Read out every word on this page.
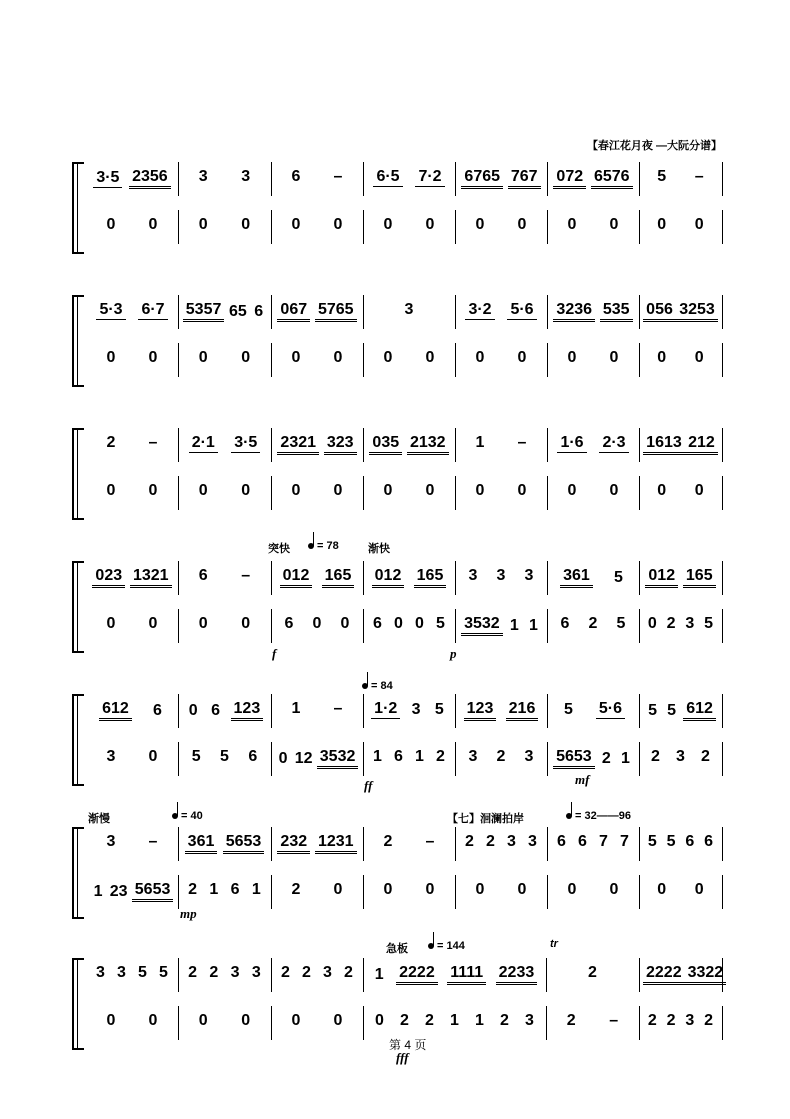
【春江花月夜 —大阮分谱】
突快	= 78	渐快
= 84
渐慢	= 40	【七】洄澜拍岸	= 32——96
急板	= 144	tr
f	p
ff	mf
mp
fff
第 4 页
3·5 2356 3 3	6 – 6·5 7·2 6765 767 072 6576 5 –
0 0	0 0	0 0	0 0	0 0	0 0 0 0
5·3 6·7 5357 65 6 067 5765	3	3·2 5·6 3236 535 056 3253
0 0	0 0	0 0	0 0	0 0	0 0 0 0
2 – 2·1 3·5 2321 323 035 2132 1 – 1·6 2·3 1613 212
0 0	0 0	0 0	0 0	0 0	0 0 0 0
023 1321 6 – 012 165 012 165 3 3 3 361 5 012 165
0 0	0 0 6 0 0 6 0 0 5 3532 1 1 6 2 5 0 2 3 5
612 6 0 6 123 1 – 1·2 3 5 123 216 5 5·6 5 5 612
3 0 5 5 6 0 12 3532 1 6 1 2 3 2 3 5653 2 1 2 3 2
3 – 361 5653 232 1231 2 – 2 2 3 3 6 6 7 7 5 5 6 6
1 23 5653 2 1 6 1 2 0	0 0	0 0	0 0 0 0
3 3 5 5 2 2 3 3 2 2 3 2 1 2222 1111 2233	2	2222 3322
0 0	0 0	0 0 0 2 2 1 1 2 3 2 – 2 2 3 2
